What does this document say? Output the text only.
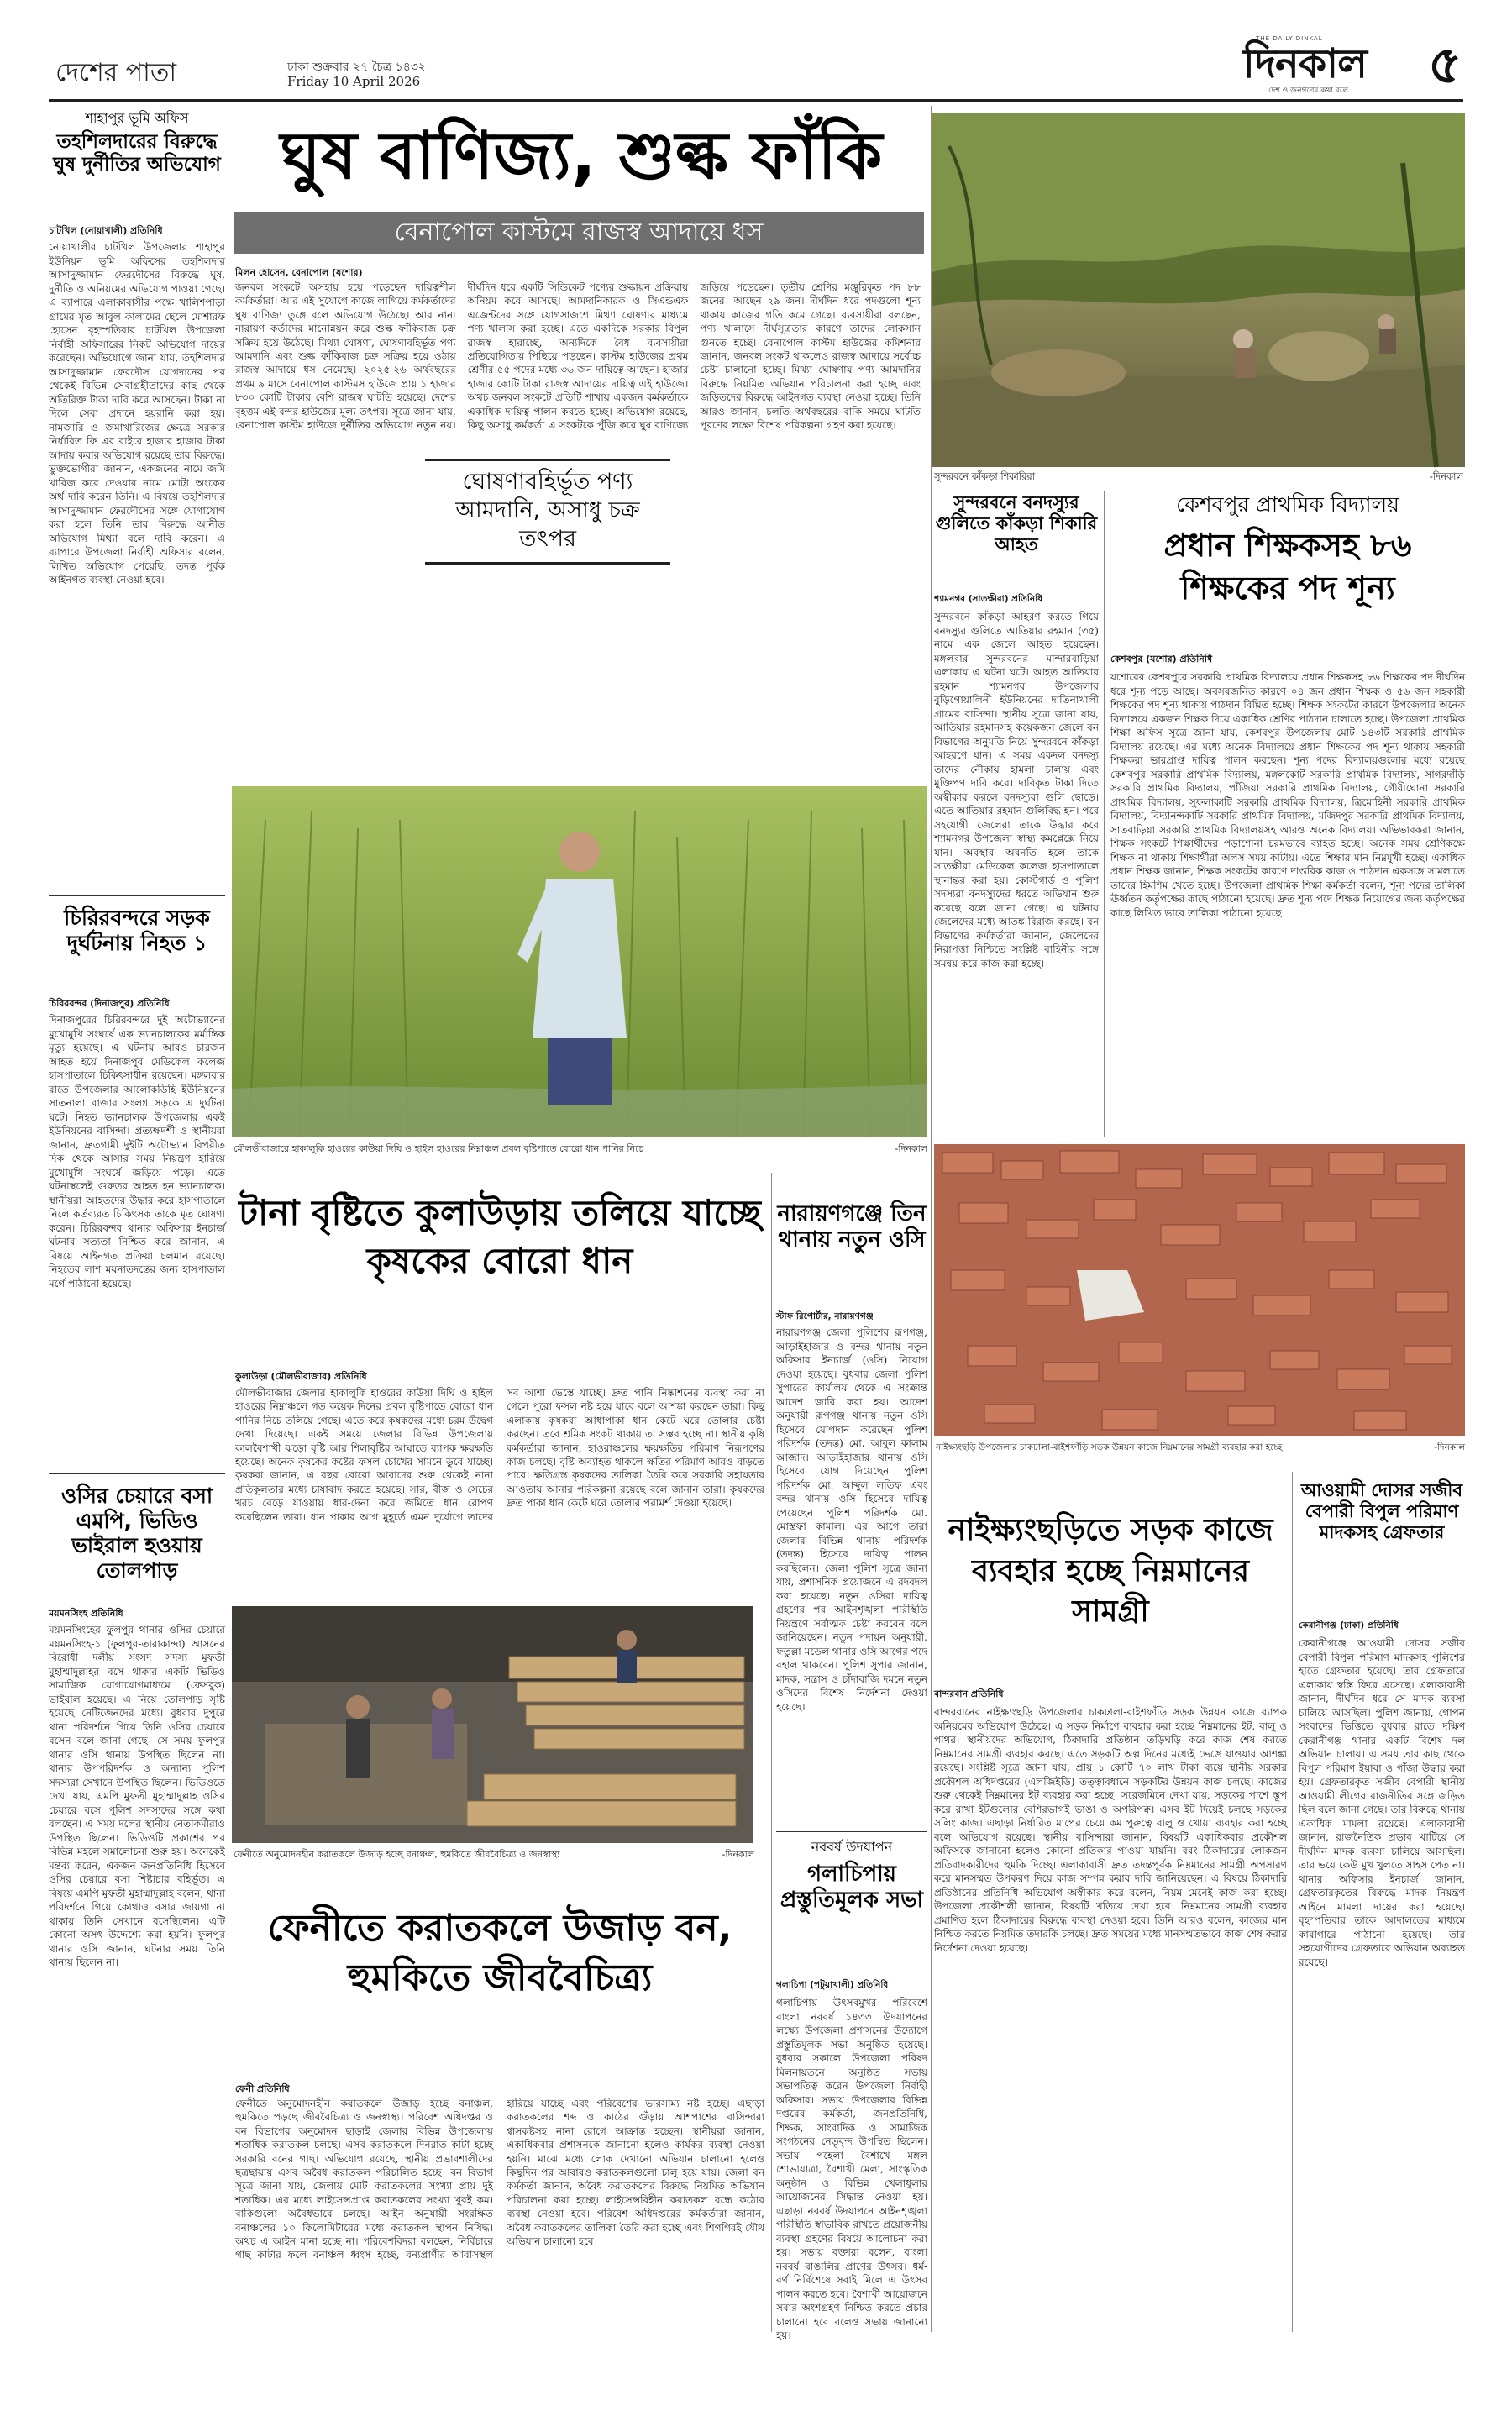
দেশের পাতা	ঢাকা শুক্রবার ২৭ চৈত্র ১৪৩২
Friday 10 April 2026
THE DAILY DINKAL
দিনকাল
দেশ ও জনগণের কথা বলে ৫
শাহাপুর ভূমি অফিস
তহশিলদারের বিরুদ্ধে ঘুষ দুর্নীতির অভিযোগ
চাটখিল (নোয়াখালী) প্রতিনিধি
নোয়াখালীর চাটখিল উপজেলার শাহাপুর ইউনিয়ন ভূমি অফিসের তহশিলদার আসাদুজ্জামান ফেরদৌসের বিরুদ্ধে ঘুষ, দুর্নীতি ও অনিয়মের অভিযোগ পাওয়া গেছে। এ ব্যাপারে এলাকাবাসীর পক্ষে খালিশপাড়া গ্রামের মৃত আবুল কালামের ছেলে মোশারফ হোসেন বৃহস্পতিবার চাটখিল উপজেলা নির্বাহী অফিসারের নিকট অভিযোগ দায়ের করেছেন। অভিযোগে জানা যায়, তহশিলদার আসাদুজ্জামান ফেরদৌস যোগদানের পর থেকেই বিভিন্ন সেবাগ্রহীতাদের কাছ থেকে অতিরিক্ত টাকা দাবি করে আসছেন। টাকা না দিলে সেবা প্রদানে হয়রানি করা হয়। নামজারি ও জমাখারিজের ক্ষেত্রে সরকার নির্ধারিত ফি এর বাইরে হাজার হাজার টাকা আদায় করার অভিযোগ রয়েছে তার বিরুদ্ধে। ভুক্তভোগীরা জানান, একজনের নামে জমি খারিজ করে দেওয়ার নামে মোটা অংকের অর্থ দাবি করেন তিনি। এ বিষয়ে তহশিলদার আসাদুজ্জামান ফেরদৌসের সঙ্গে যোগাযোগ করা হলে তিনি তার বিরুদ্ধে আনীত অভিযোগ মিথ্যা বলে দাবি করেন। এ ব্যাপারে উপজেলা নির্বাহী অফিসার বলেন, লিখিত অভিযোগ পেয়েছি, তদন্ত পূর্বক আইনগত ব্যবস্থা নেওয়া হবে।
চিরিরবন্দরে সড়ক দুর্ঘটনায় নিহত ১
চিরিরবন্দর (দিনাজপুর) প্রতিনিধি
দিনাজপুরের চিরিরবন্দরে দুই অটোভ্যানের মুখোমুখি সংঘর্ষে এক ভ্যানচালকের মর্মান্তিক মৃত্যু হয়েছে। এ ঘটনায় আরও চারজন আহত হয়ে দিনাজপুর মেডিকেল কলেজ হাসপাতালে চিকিৎসাধীন রয়েছেন। মঙ্গলবার রাতে উপজেলার আলোকডিহি ইউনিয়নের সাতনালা বাজার সংলগ্ন সড়কে এ দুর্ঘটনা ঘটে। নিহত ভ্যানচালক উপজেলার একই ইউনিয়নের বাসিন্দা। প্রত্যক্ষদর্শী ও স্থানীয়রা জানান, দ্রুতগামী দুইটি অটোভ্যান বিপরীত দিক থেকে আসার সময় নিয়ন্ত্রণ হারিয়ে মুখোমুখি সংঘর্ষে জড়িয়ে পড়ে। এতে ঘটনাস্থলেই গুরুতর আহত হন ভ্যানচালক। স্থানীয়রা আহতদের উদ্ধার করে হাসপাতালে নিলে কর্তব্যরত চিকিৎসক তাকে মৃত ঘোষণা করেন। চিরিরবন্দর থানার অফিসার ইনচার্জ ঘটনার সত্যতা নিশ্চিত করে জানান, এ বিষয়ে আইনগত প্রক্রিয়া চলমান রয়েছে। নিহতের লাশ ময়নাতদন্তের জন্য হাসপাতাল মর্গে পাঠানো হয়েছে।
ওসির চেয়ারে বসা এমপি, ভিডিও ভাইরাল হওয়ায় তোলপাড়
ময়মনসিংহ প্রতিনিধি
ময়মনসিংহের ফুলপুর থানার ওসির চেয়ারে ময়মনসিংহ-১ (ফুলপুর-তারাকান্দা) আসনের বিরোধী দলীয় সংসদ সদস্য মুফতী মুহাম্মাদুল্লাহর বসে থাকার একটি ভিডিও সামাজিক যোগাযোগমাধ্যমে (ফেসবুক) ভাইরাল হয়েছে। এ নিয়ে তোলপাড় সৃষ্টি হয়েছে নেটিজেনদের মধ্যে। বুধবার দুপুরে থানা পরিদর্শনে গিয়ে তিনি ওসির চেয়ারে বসেন বলে জানা গেছে। সে সময় ফুলপুর থানার ওসি থানায় উপস্থিত ছিলেন না। থানার উপপরিদর্শক ও অন্যান্য পুলিশ সদস্যরা সেখানে উপস্থিত ছিলেন। ভিডিওতে দেখা যায়, এমপি মুফতী মুহাম্মাদুল্লাহ ওসির চেয়ারে বসে পুলিশ সদস্যদের সঙ্গে কথা বলছেন। এ সময় দলের স্থানীয় নেতাকর্মীরাও উপস্থিত ছিলেন। ভিডিওটি প্রকাশের পর বিভিন্ন মহলে সমালোচনা শুরু হয়। অনেকেই মন্তব্য করেন, একজন জনপ্রতিনিধি হিসেবে ওসির চেয়ারে বসা শিষ্টাচার বহির্ভূত। এ বিষয়ে এমপি মুফতী মুহাম্মাদুল্লাহ বলেন, থানা পরিদর্শনে গিয়ে কোথাও বসার জায়গা না থাকায় তিনি সেখানে বসেছিলেন। এটি কোনো অসৎ উদ্দেশ্যে করা হয়নি। ফুলপুর থানার ওসি জানান, ঘটনার সময় তিনি থানায় ছিলেন না।
ঘুষ বাণিজ্য, শুল্ক ফাঁকি
বেনাপোল কাস্টমে রাজস্ব আদায়ে ধস
মিলন হোসেন, বেনাপোল (যশোর)
জনবল সংকটে অসহায় হয়ে পড়েছেন দায়িত্বশীল কর্মকর্তারা। আর এই সুযোগে কাজে লাগিয়ে কর্মকর্তাদের ঘুষ বাণিজ্য তুঙ্গে বলে অভিযোগ উঠেছে। আর নানা নারায়ণ কর্তাদের মানোন্নয়ন করে শুল্ক ফাঁকিবাজ চক্র সক্রিয় হয়ে উঠেছে। মিথ্যা ঘোষণা, ঘোষণাবহির্ভূত পণ্য আমদানি এবং শুল্ক ফাঁকিবাজ চক্র সক্রিয় হয়ে ওঠায় রাজস্ব আদায়ে ধস নেমেছে। ২০২৫-২৬ অর্থবছরের প্রথম ৯ মাসে বেনাপোল কাস্টমস হাউজে প্রায় ১ হাজার ৮৩০ কোটি টাকার বেশি রাজস্ব ঘাটতি হয়েছে। দেশের বৃহত্তম এই বন্দর হাউজের মূল্য তৎপর। সূত্রে জানা যায়, বেনাপোল কাস্টম হাউজে দুর্নীতির অভিযোগ নতুন নয়। দীর্ঘদিন ধরে একটি সিন্ডিকেট পণ্যের শুল্কায়ন প্রক্রিয়ায় অনিয়ম করে আসছে। আমদানিকারক ও সিএন্ডএফ এজেন্টদের সঙ্গে যোগসাজশে মিথ্যা ঘোষণার মাধ্যমে পণ্য খালাস করা হচ্ছে। এতে একদিকে সরকার বিপুল রাজস্ব হারাচ্ছে, অন্যদিকে বৈধ ব্যবসায়ীরা প্রতিযোগিতায় পিছিয়ে পড়ছেন। কাস্টম হাউজের প্রথম শ্রেণীর ৫৫ পদের মধ্যে ৩৬ জন দায়িত্বে আছেন। হাজার হাজার কোটি টাকা রাজস্ব আদায়ের দায়িত্ব এই হাউজে। অথচ জনবল সংকটে প্রতিটি শাখায় একজন কর্মকর্তাকে একাধিক দায়িত্ব পালন করতে হচ্ছে। অভিযোগ রয়েছে, কিছু অসাধু কর্মকর্তা এ সংকটকে পুঁজি করে ঘুষ বাণিজ্যে জড়িয়ে পড়েছেন। তৃতীয় শ্রেণির মঞ্জুরিকৃত পদ ৮৮ জনের। আছেন ২৯ জন। দীর্ঘদিন ধরে পদগুলো শূন্য থাকায় কাজের গতি কমে গেছে। ব্যবসায়ীরা বলছেন, পণ্য খালাসে দীর্ঘসূত্রতার কারণে তাদের লোকসান গুনতে হচ্ছে। বেনাপোল কাস্টম হাউজের কমিশনার জানান, জনবল সংকট থাকলেও রাজস্ব আদায়ে সর্বোচ্চ চেষ্টা চালানো হচ্ছে। মিথ্যা ঘোষণায় পণ্য আমদানির বিরুদ্ধে নিয়মিত অভিযান পরিচালনা করা হচ্ছে এবং জড়িতদের বিরুদ্ধে আইনগত ব্যবস্থা নেওয়া হচ্ছে। তিনি আরও জানান, চলতি অর্থবছরের বাকি সময়ে ঘাটতি পূরণের লক্ষ্যে বিশেষ পরিকল্পনা গ্রহণ করা হয়েছে।
ঘোষণাবহির্ভূত পণ্য আমদানি, অসাধু চক্র তৎপর
সুন্দরবনে কাঁকড়া শিকারিরা	-দিনকাল
সুন্দরবনে বনদস্যুর গুলিতে কাঁকড়া শিকারি আহত
শ্যামনগর (সাতক্ষীরা) প্রতিনিধি
সুন্দরবনে কাঁকড়া আহরণ করতে গিয়ে বনদস্যুর গুলিতে আতিয়ার রহমান (৩৫) নামে এক জেলে আহত হয়েছেন। মঙ্গলবার সুন্দরবনের মান্দারবাড়িয়া এলাকায় এ ঘটনা ঘটে। আহত আতিয়ার রহমান শ্যামনগর উপজেলার বুড়িগোয়ালিনী ইউনিয়নের দাতিনাখালী গ্রামের বাসিন্দা। স্থানীয় সূত্রে জানা যায়, আতিয়ার রহমানসহ কয়েকজন জেলে বন বিভাগের অনুমতি নিয়ে সুন্দরবনে কাঁকড়া আহরণে যান। এ সময় একদল বনদস্যু তাদের নৌকায় হামলা চালায় এবং মুক্তিপণ দাবি করে। দাবিকৃত টাকা দিতে অস্বীকার করলে বনদস্যুরা গুলি ছোড়ে। এতে আতিয়ার রহমান গুলিবিদ্ধ হন। পরে সহযোগী জেলেরা তাকে উদ্ধার করে শ্যামনগর উপজেলা স্বাস্থ্য কমপ্লেক্সে নিয়ে যান। অবস্থার অবনতি হলে তাকে সাতক্ষীরা মেডিকেল কলেজ হাসপাতালে স্থানান্তর করা হয়। কোস্টগার্ড ও পুলিশ সদস্যরা বনদস্যুদের ধরতে অভিযান শুরু করেছে বলে জানা গেছে। এ ঘটনায় জেলেদের মধ্যে আতঙ্ক বিরাজ করছে। বন বিভাগের কর্মকর্তারা জানান, জেলেদের নিরাপত্তা নিশ্চিতে সংশ্লিষ্ট বাহিনীর সঙ্গে সমন্বয় করে কাজ করা হচ্ছে।
কেশবপুর প্রাথমিক বিদ্যালয়
প্রধান শিক্ষকসহ ৮৬ শিক্ষকের পদ শূন্য
কেশবপুর (যশোর) প্রতিনিধি
যশোরের কেশবপুরে সরকারি প্রাথমিক বিদ্যালয়ে প্রধান শিক্ষকসহ ৮৬ শিক্ষকের পদ দীর্ঘদিন ধরে শূন্য পড়ে আছে। অবসরজনিত কারণে ০৪ জন প্রধান শিক্ষক ও ৫৬ জন সহকারী শিক্ষকের পদ শূন্য থাকায় পাঠদান বিঘ্নিত হচ্ছে। শিক্ষক সংকটের কারণে উপজেলার অনেক বিদ্যালয়ে একজন শিক্ষক দিয়ে একাধিক শ্রেণির পাঠদান চালাতে হচ্ছে। উপজেলা প্রাথমিক শিক্ষা অফিস সূত্রে জানা যায়, কেশবপুর উপজেলায় মোট ১৪৩টি সরকারি প্রাথমিক বিদ্যালয় রয়েছে। এর মধ্যে অনেক বিদ্যালয়ে প্রধান শিক্ষকের পদ শূন্য থাকায় সহকারী শিক্ষকরা ভারপ্রাপ্ত দায়িত্ব পালন করছেন। শূন্য পদের বিদ্যালয়গুলোর মধ্যে রয়েছে কেশবপুর সরকারি প্রাথমিক বিদ্যালয়, মঙ্গলকোট সরকারি প্রাথমিক বিদ্যালয়, সাগরদাঁড়ি সরকারি প্রাথমিক বিদ্যালয়, পাঁজিয়া সরকারি প্রাথমিক বিদ্যালয়, গৌরীঘোনা সরকারি প্রাথমিক বিদ্যালয়, সুফলাকাটি সরকারি প্রাথমিক বিদ্যালয়, ত্রিমোহিনী সরকারি প্রাথমিক বিদ্যালয়, বিদ্যানন্দকাটি সরকারি প্রাথমিক বিদ্যালয়, মজিদপুর সরকারি প্রাথমিক বিদ্যালয়, সাতবাড়িয়া সরকারি প্রাথমিক বিদ্যালয়সহ আরও অনেক বিদ্যালয়। অভিভাবকরা জানান, শিক্ষক সংকটে শিক্ষার্থীদের পড়াশোনা চরমভাবে ব্যাহত হচ্ছে। অনেক সময় শ্রেণিকক্ষে শিক্ষক না থাকায় শিক্ষার্থীরা অলস সময় কাটায়। এতে শিক্ষার মান নিম্নমুখী হচ্ছে। একাধিক প্রধান শিক্ষক জানান, শিক্ষক সংকটের কারণে দাপ্তরিক কাজ ও পাঠদান একসঙ্গে সামলাতে তাদের হিমশিম খেতে হচ্ছে। উপজেলা প্রাথমিক শিক্ষা কর্মকর্তা বলেন, শূন্য পদের তালিকা ঊর্ধ্বতন কর্তৃপক্ষের কাছে পাঠানো হয়েছে। দ্রুত শূন্য পদে শিক্ষক নিয়োগের জন্য কর্তৃপক্ষের কাছে লিখিত ভাবে তালিকা পাঠানো হয়েছে।
মৌলভীবাজারে হাকালুকি হাওরের কাউয়া দিঘি ও হাইল হাওরের নিম্নাঞ্চল প্রবল বৃষ্টিপাতে বোরো ধান পানির নিচে	-দিনকাল
টানা বৃষ্টিতে কুলাউড়ায় তলিয়ে যাচ্ছে কৃষকের বোরো ধান
কুলাউড়া (মৌলভীবাজার) প্রতিনিধি
মৌলভীবাজার জেলার হাকালুকি হাওরের কাউয়া দিঘি ও হাইল হাওরের নিম্নাঞ্চলে গত কয়েক দিনের প্রবল বৃষ্টিপাতে বোরো ধান পানির নিচে তলিয়ে গেছে। এতে করে কৃষকদের মধ্যে চরম উদ্বেগ দেখা দিয়েছে। একই সময়ে জেলার বিভিন্ন উপজেলায় কালবৈশাখী ঝড়ো বৃষ্টি আর শিলাবৃষ্টির আঘাতে ব্যাপক ক্ষয়ক্ষতি হয়েছে। অনেক কৃষকের কষ্টের ফসল চোখের সামনে ডুবে যাচ্ছে। কৃষকরা জানান, এ বছর বোরো আবাদের শুরু থেকেই নানা প্রতিকূলতার মধ্যে চাষাবাদ করতে হয়েছে। সার, বীজ ও সেচের খরচ বেড়ে যাওয়ায় ধার-দেনা করে জমিতে ধান রোপণ করেছিলেন তারা। ধান পাকার আগ মুহূর্তে এমন দুর্যোগে তাদের সব আশা ভেস্তে যাচ্ছে। দ্রুত পানি নিষ্কাশনের ব্যবস্থা করা না গেলে পুরো ফসল নষ্ট হয়ে যাবে বলে আশঙ্কা করছেন তারা। কিছু এলাকায় কৃষকরা আধাপাকা ধান কেটে ঘরে তোলার চেষ্টা করছেন। তবে শ্রমিক সংকট থাকায় তা সম্ভব হচ্ছে না। স্থানীয় কৃষি কর্মকর্তারা জানান, হাওরাঞ্চলের ক্ষয়ক্ষতির পরিমাণ নিরূপণের কাজ চলছে। বৃষ্টি অব্যাহত থাকলে ক্ষতির পরিমাণ আরও বাড়তে পারে। ক্ষতিগ্রস্ত কৃষকদের তালিকা তৈরি করে সরকারি সহায়তার আওতায় আনার পরিকল্পনা রয়েছে বলে জানান তারা। কৃষকদের দ্রুত পাকা ধান কেটে ঘরে তোলার পরামর্শ দেওয়া হয়েছে।
নারায়ণগঞ্জে তিন থানায় নতুন ওসি
স্টাফ রিপোর্টার, নারায়ণগঞ্জ
নারায়ণগঞ্জ জেলা পুলিশের রূপগঞ্জ, আড়াইহাজার ও বন্দর থানায় নতুন অফিসার ইনচার্জ (ওসি) নিয়োগ দেওয়া হয়েছে। বুধবার জেলা পুলিশ সুপারের কার্যালয় থেকে এ সংক্রান্ত আদেশ জারি করা হয়। আদেশ অনুযায়ী রূপগঞ্জ থানায় নতুন ওসি হিসেবে যোগদান করেছেন পুলিশ পরিদর্শক (তদন্ত) মো. আবুল কালাম আজাদ। আড়াইহাজার থানায় ওসি হিসেবে যোগ দিয়েছেন পুলিশ পরিদর্শক মো. আব্দুল লতিফ এবং বন্দর থানায় ওসি হিসেবে দায়িত্ব পেয়েছেন পুলিশ পরিদর্শক মো. মোস্তফা কামাল। এর আগে তারা জেলার বিভিন্ন থানায় পরিদর্শক (তদন্ত) হিসেবে দায়িত্ব পালন করছিলেন। জেলা পুলিশ সূত্রে জানা যায়, প্রশাসনিক প্রয়োজনে এ রদবদল করা হয়েছে। নতুন ওসিরা দায়িত্ব গ্রহণের পর আইনশৃঙ্খলা পরিস্থিতি নিয়ন্ত্রণে সর্বাত্মক চেষ্টা করবেন বলে জানিয়েছেন। নতুন পদায়ন অনুযায়ী, ফতুল্লা মডেল থানার ওসি আগের পদে বহাল থাকবেন। পুলিশ সুপার জানান, মাদক, সন্ত্রাস ও চাঁদাবাজি দমনে নতুন ওসিদের বিশেষ নির্দেশনা দেওয়া হয়েছে।
নববর্ষ উদযাপন
গলাচিপায় প্রস্তুতিমূলক সভা
গলাচিপা (পটুয়াখালী) প্রতিনিধি
গলাচিপায় উৎসবমুখর পরিবেশে বাংলা নববর্ষ ১৪৩৩ উদযাপনের লক্ষ্যে উপজেলা প্রশাসনের উদ্যোগে প্রস্তুতিমূলক সভা অনুষ্ঠিত হয়েছে। বুধবার সকালে উপজেলা পরিষদ মিলনায়তনে অনুষ্ঠিত সভায় সভাপতিত্ব করেন উপজেলা নির্বাহী অফিসার। সভায় উপজেলার বিভিন্ন দপ্তরের কর্মকর্তা, জনপ্রতিনিধি, শিক্ষক, সাংবাদিক ও সামাজিক সংগঠনের নেতৃবৃন্দ উপস্থিত ছিলেন। সভায় পহেলা বৈশাখে মঙ্গল শোভাযাত্রা, বৈশাখী মেলা, সাংস্কৃতিক অনুষ্ঠান ও বিভিন্ন খেলাধুলার আয়োজনের সিদ্ধান্ত নেওয়া হয়। এছাড়া নববর্ষ উদযাপনে আইনশৃঙ্খলা পরিস্থিতি স্বাভাবিক রাখতে প্রয়োজনীয় ব্যবস্থা গ্রহণের বিষয়ে আলোচনা করা হয়। সভায় বক্তারা বলেন, বাংলা নববর্ষ বাঙালির প্রাণের উৎসব। ধর্ম-বর্ণ নির্বিশেষে সবাই মিলে এ উৎসব পালন করতে হবে। বৈশাখী আয়োজনে সবার অংশগ্রহণ নিশ্চিত করতে প্রচার চালানো হবে বলেও সভায় জানানো হয়।
নাইক্ষ্যংছড়ি উপজেলার চাকঢালা-বাইশফাঁড়ি সড়ক উন্নয়ন কাজে নিম্নমানের সামগ্রী ব্যবহার করা হচ্ছে	-দিনকাল
নাইক্ষ্যংছড়িতে সড়ক কাজে ব্যবহার হচ্ছে নিম্নমানের সামগ্রী
বান্দরবান প্রতিনিধি
বান্দরবানের নাইক্ষ্যংছড়ি উপজেলার চাকঢালা-বাইশফাঁড়ি সড়ক উন্নয়ন কাজে ব্যাপক অনিয়মের অভিযোগ উঠেছে। এ সড়ক নির্মাণে ব্যবহার করা হচ্ছে নিম্নমানের ইট, বালু ও পাথর। স্থানীয়দের অভিযোগ, ঠিকাদারি প্রতিষ্ঠান তড়িঘড়ি করে কাজ শেষ করতে নিম্নমানের সামগ্রী ব্যবহার করছে। এতে সড়কটি অল্প দিনের মধ্যেই ভেঙে যাওয়ার আশঙ্কা রয়েছে। সংশ্লিষ্ট সূত্রে জানা যায়, প্রায় ১ কোটি ৭০ লাখ টাকা ব্যয়ে স্থানীয় সরকার প্রকৌশল অধিদপ্তরের (এলজিইডি) তত্ত্বাবধানে সড়কটির উন্নয়ন কাজ চলছে। কাজের শুরু থেকেই নিম্নমানের ইট ব্যবহার করা হচ্ছে। সরেজমিনে দেখা যায়, সড়কের পাশে স্তূপ করে রাখা ইটগুলোর বেশিরভাগই ভাঙা ও অপরিপক্ব। এসব ইট দিয়েই চলছে সড়কের সলিং কাজ। এছাড়া নির্ধারিত মাপের চেয়ে কম পুরুত্বে বালু ও খোয়া ব্যবহার করা হচ্ছে বলে অভিযোগ রয়েছে। স্থানীয় বাসিন্দারা জানান, বিষয়টি একাধিকবার প্রকৌশল অফিসকে জানানো হলেও কোনো প্রতিকার পাওয়া যায়নি। বরং ঠিকাদারের লোকজন প্রতিবাদকারীদের হুমকি দিচ্ছে। এলাকাবাসী দ্রুত তদন্তপূর্বক নিম্নমানের সামগ্রী অপসারণ করে মানসম্মত উপকরণ দিয়ে কাজ সম্পন্ন করার দাবি জানিয়েছেন। এ বিষয়ে ঠিকাদারি প্রতিষ্ঠানের প্রতিনিধি অভিযোগ অস্বীকার করে বলেন, নিয়ম মেনেই কাজ করা হচ্ছে। উপজেলা প্রকৌশলী জানান, বিষয়টি খতিয়ে দেখা হবে। নিম্নমানের সামগ্রী ব্যবহার প্রমাণিত হলে ঠিকাদারের বিরুদ্ধে ব্যবস্থা নেওয়া হবে। তিনি আরও বলেন, কাজের মান নিশ্চিত করতে নিয়মিত তদারকি চলছে। দ্রুত সময়ের মধ্যে মানসম্মতভাবে কাজ শেষ করার নির্দেশনা দেওয়া হয়েছে।
আওয়ামী দোসর সজীব বেপারী বিপুল পরিমাণ মাদকসহ গ্রেফতার
কেরানীগঞ্জ (ঢাকা) প্রতিনিধি
কেরানীগঞ্জে আওয়ামী দোসর সজীব বেপারী বিপুল পরিমাণ মাদকসহ পুলিশের হাতে গ্রেফতার হয়েছে। তার গ্রেফতারে এলাকায় স্বস্তি ফিরে এসেছে। এলাকাবাসী জানান, দীর্ঘদিন ধরে সে মাদক ব্যবসা চালিয়ে আসছিল। পুলিশ জানায়, গোপন সংবাদের ভিত্তিতে বুধবার রাতে দক্ষিণ কেরানীগঞ্জ থানার একটি বিশেষ দল অভিযান চালায়। এ সময় তার কাছ থেকে বিপুল পরিমাণ ইয়াবা ও গাঁজা উদ্ধার করা হয়। গ্রেফতারকৃত সজীব বেপারী স্থানীয় আওয়ামী লীগের রাজনীতির সঙ্গে জড়িত ছিল বলে জানা গেছে। তার বিরুদ্ধে থানায় একাধিক মামলা রয়েছে। এলাকাবাসী জানান, রাজনৈতিক প্রভাব খাটিয়ে সে দীর্ঘদিন মাদক ব্যবসা চালিয়ে আসছিল। তার ভয়ে কেউ মুখ খুলতে সাহস পেত না। থানার অফিসার ইনচার্জ জানান, গ্রেফতারকৃতের বিরুদ্ধে মাদক নিয়ন্ত্রণ আইনে মামলা দায়ের করা হয়েছে। বৃহস্পতিবার তাকে আদালতের মাধ্যমে কারাগারে পাঠানো হয়েছে। তার সহযোগীদের গ্রেফতারে অভিযান অব্যাহত রয়েছে।
ফেনীতে অনুমোদনহীন করাতকলে উজাড় হচ্ছে বনাঞ্চল, হুমকিতে জীববৈচিত্র্য ও জনস্বাস্থ্য	-দিনকাল
ফেনীতে করাতকলে উজাড় বন, হুমকিতে জীববৈচিত্র্য
ফেনী প্রতিনিধি
ফেনীতে অনুমোদনহীন করাতকলে উজাড় হচ্ছে বনাঞ্চল, হুমকিতে পড়ছে জীববৈচিত্র্য ও জনস্বাস্থ্য। পরিবেশ অধিদপ্তর ও বন বিভাগের অনুমোদন ছাড়াই জেলার বিভিন্ন উপজেলায় শতাধিক করাতকল চলছে। এসব করাতকলে দিনরাত কাটা হচ্ছে সরকারি বনের গাছ। অভিযোগ রয়েছে, স্থানীয় প্রভাবশালীদের ছত্রছায়ায় এসব অবৈধ করাতকল পরিচালিত হচ্ছে। বন বিভাগ সূত্রে জানা যায়, জেলায় মোট করাতকলের সংখ্যা প্রায় দুই শতাধিক। এর মধ্যে লাইসেন্সপ্রাপ্ত করাতকলের সংখ্যা খুবই কম। বাকিগুলো অবৈধভাবে চলছে। আইন অনুযায়ী সংরক্ষিত বনাঞ্চলের ১০ কিলোমিটারের মধ্যে করাতকল স্থাপন নিষিদ্ধ। অথচ এ আইন মানা হচ্ছে না। পরিবেশবিদরা বলছেন, নির্বিচারে গাছ কাটার ফলে বনাঞ্চল ধ্বংস হচ্ছে, বন্যপ্রাণীর আবাসস্থল হারিয়ে যাচ্ছে এবং পরিবেশের ভারসাম্য নষ্ট হচ্ছে। এছাড়া করাতকলের শব্দ ও কাঠের গুঁড়ায় আশপাশের বাসিন্দারা শ্বাসকষ্টসহ নানা রোগে আক্রান্ত হচ্ছেন। স্থানীয়রা জানান, একাধিকবার প্রশাসনকে জানানো হলেও কার্যকর ব্যবস্থা নেওয়া হয়নি। মাঝে মধ্যে লোক দেখানো অভিযান চালানো হলেও কিছুদিন পর আবারও করাতকলগুলো চালু হয়ে যায়। জেলা বন কর্মকর্তা জানান, অবৈধ করাতকলের বিরুদ্ধে নিয়মিত অভিযান পরিচালনা করা হচ্ছে। লাইসেন্সবিহীন করাতকল বন্ধে কঠোর ব্যবস্থা নেওয়া হবে। পরিবেশ অধিদপ্তরের কর্মকর্তারা জানান, অবৈধ করাতকলের তালিকা তৈরি করা হচ্ছে এবং শিগগিরই যৌথ অভিযান চালানো হবে।
